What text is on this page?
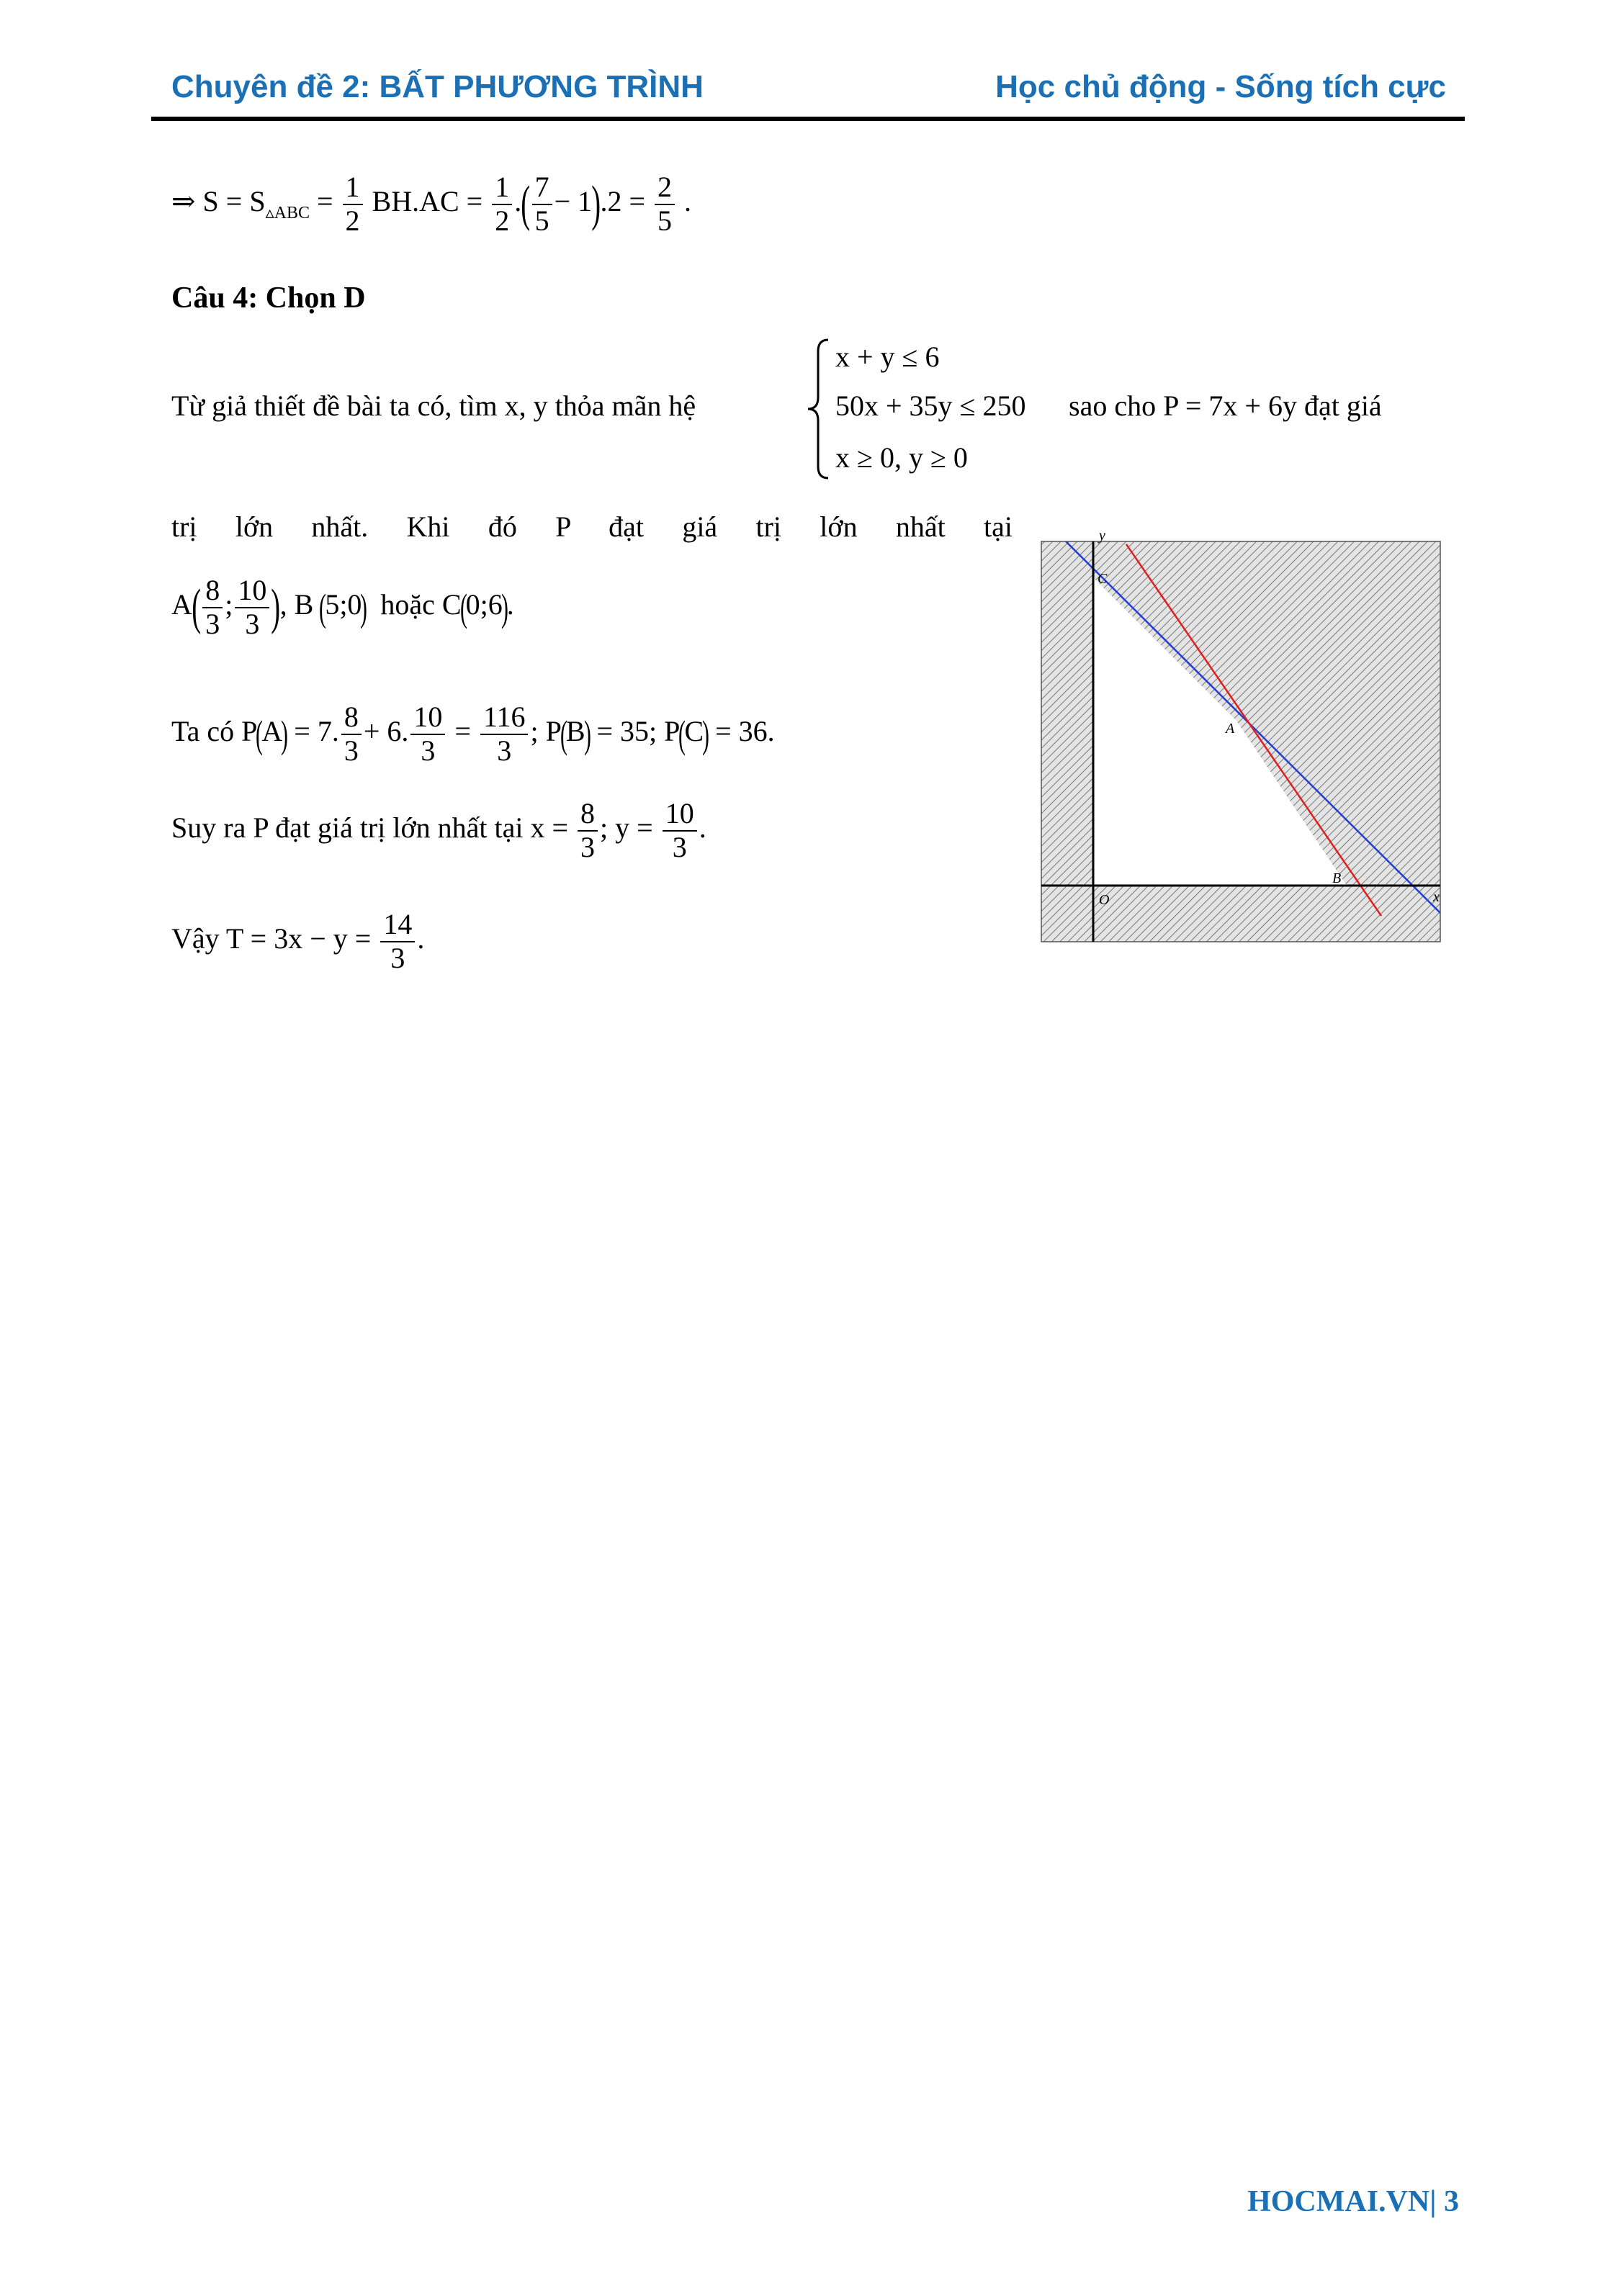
Chuyên đề 2: BẤT PHƯƠNG TRÌNH	Học chủ động - Sống tích cực
⇒ $S = S_{▵ABC} = \frac{1}{2} BH.AC = \frac{1}{2}$ .( $\frac{7}{5} - 1).2 = \frac{2}{5}$ .
Câu 4: Chọn D
Từ giả thiết đề bài ta có, tìm x, y thỏa mãn hệ
x + y ≤ 6
50x + 35y ≤ 250
x ≥ 0, y ≥ 0
sao cho P = 7x + 6y đạt giá
trị lớn nhất. Khi đó P đạt giá trị lớn nhất tại
$A( \frac{8}{3}$ ; $\frac{10}{3}$ ), B (5;0) hoặc C(0;6).
Ta có P(A) = 7. $\frac{8}{3} + 6$. $\frac{10}{3} = \frac{116}{3}$ ; P(B) = 35; P(C) = 36.
Suy ra P đạt giá trị lớn nhất tại $x = \frac{8}{3}$ ; $y = \frac{10}{3}$ .
Vậy $T = 3x - y = \frac{14}{3}$ .
y
x
O
A
B
C
HOCMAI.VN| 3
